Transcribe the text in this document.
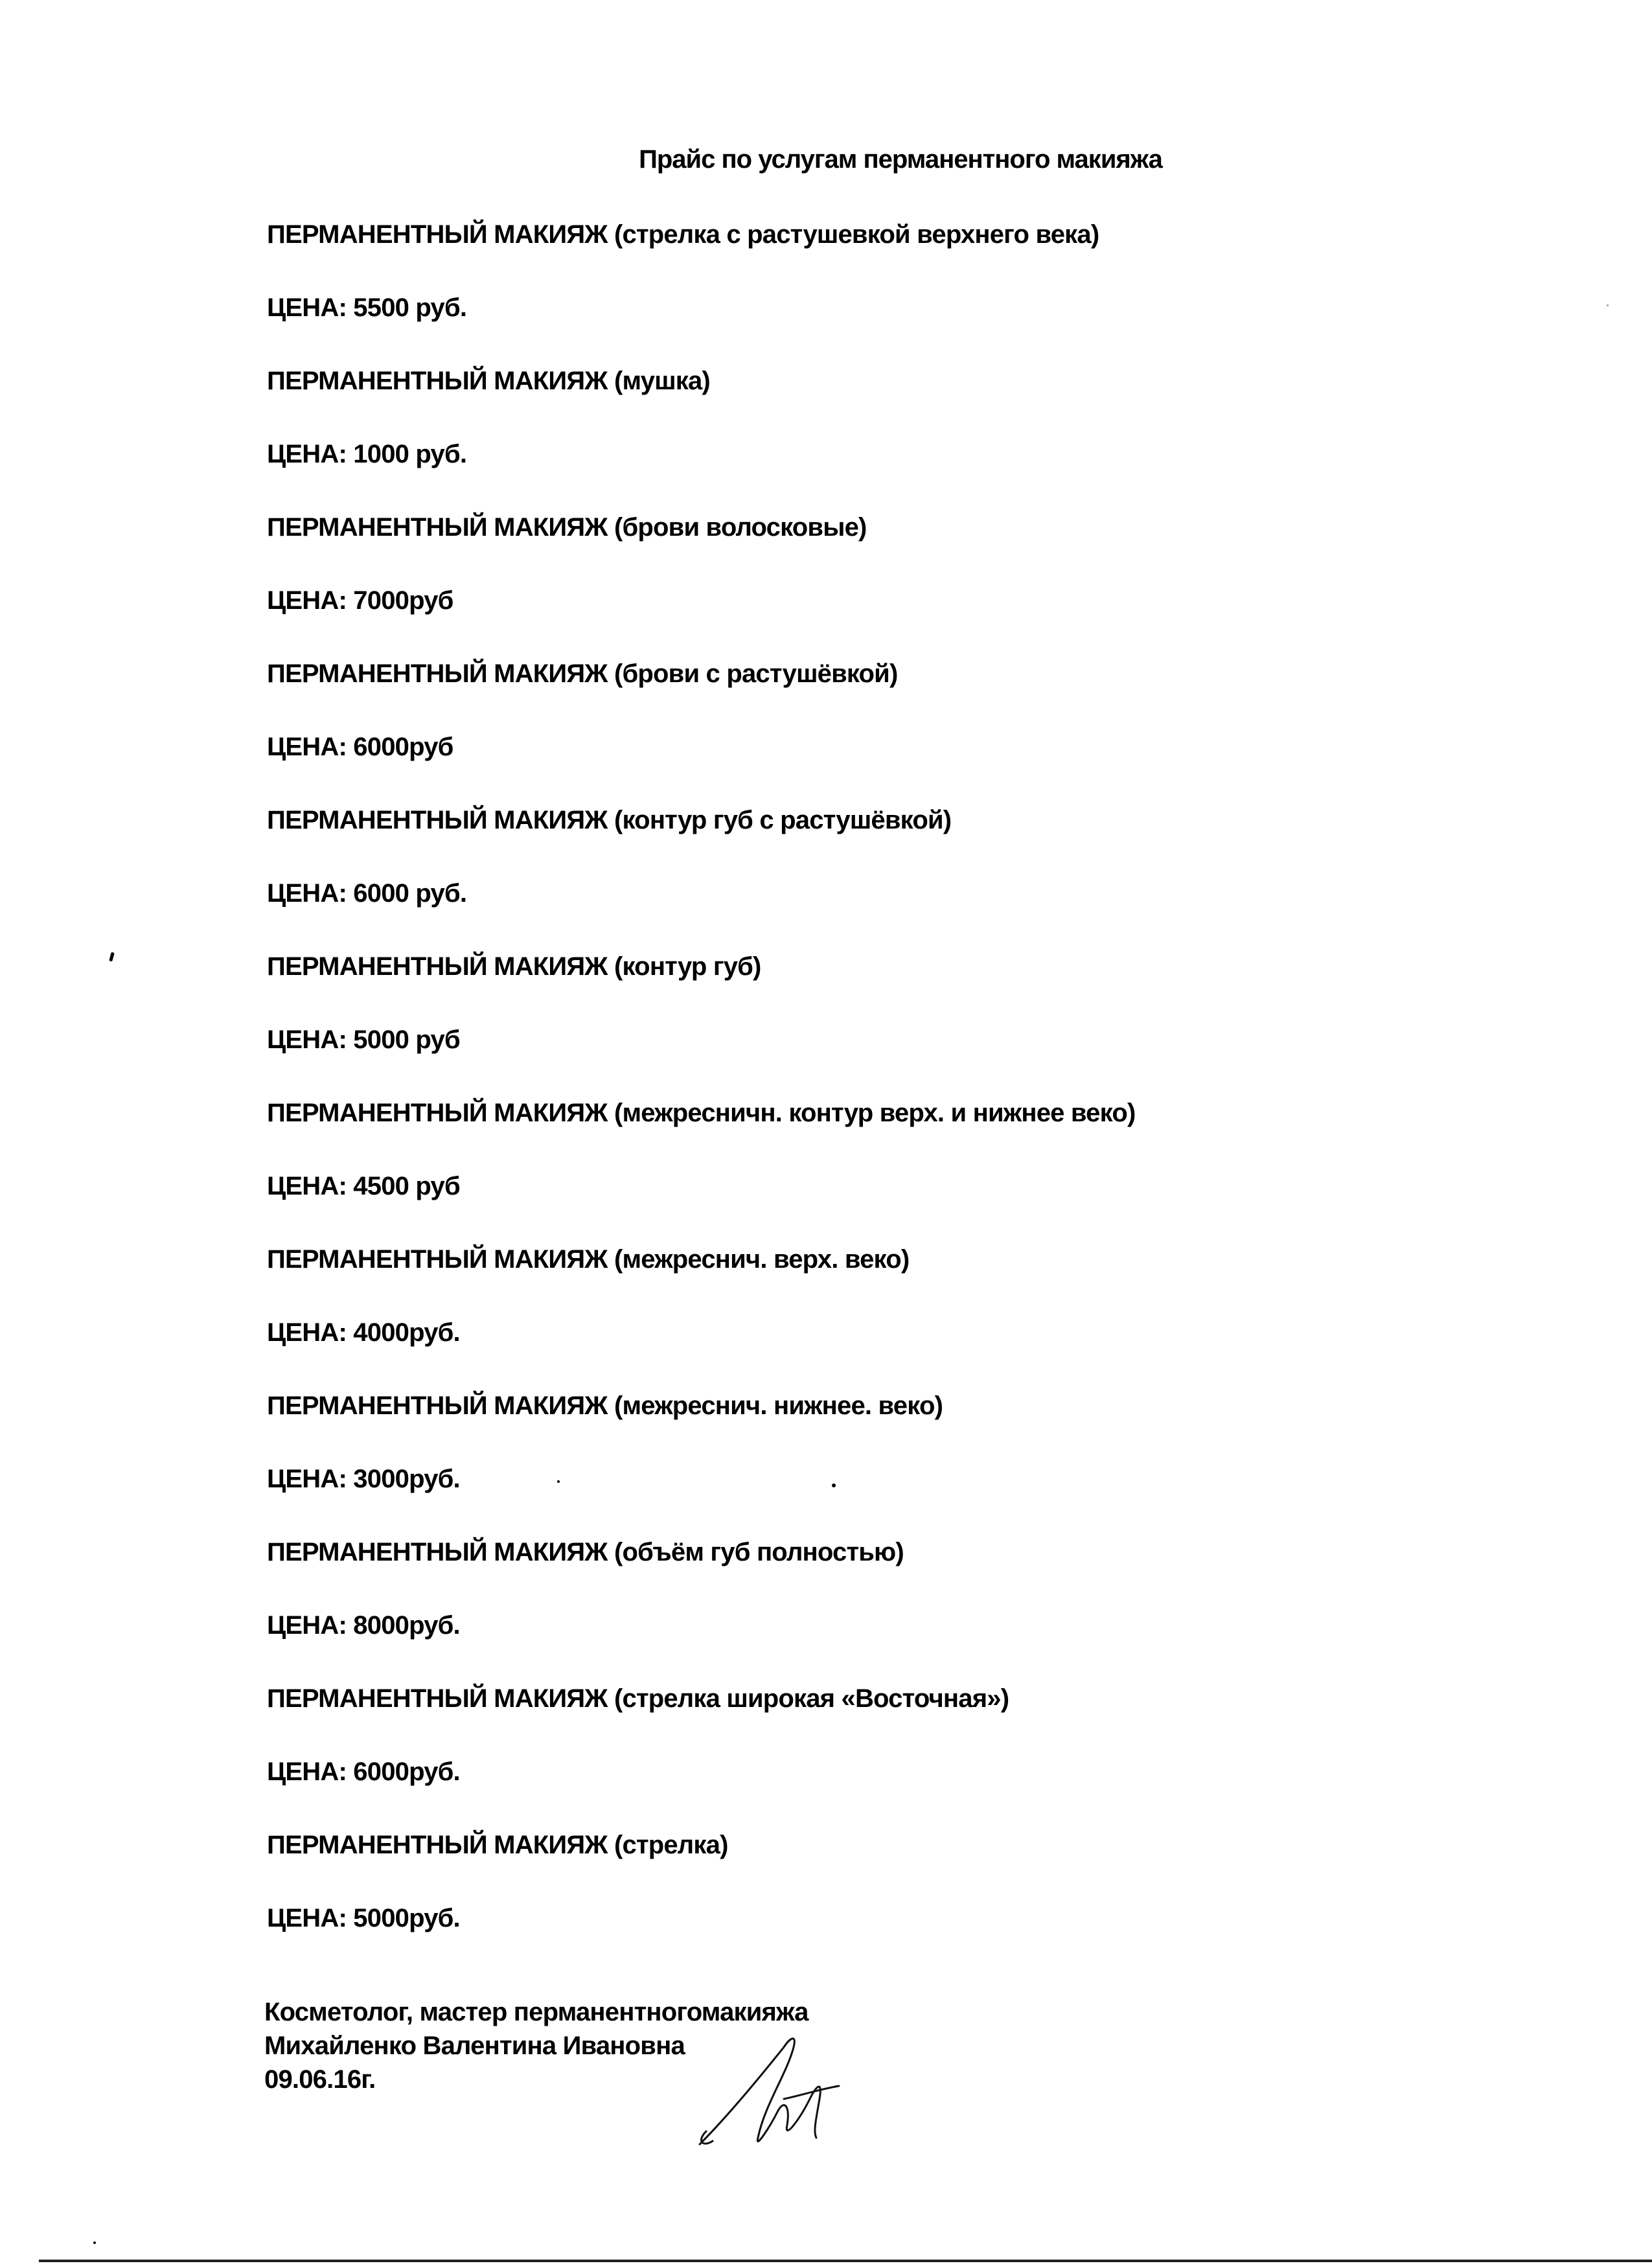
Прайс по услугам перманентного макияжа
ПЕРМАНЕНТНЫЙ МАКИЯЖ (стрелка с растушевкой верхнего века)
ЦЕНА: 5500 руб.
ПЕРМАНЕНТНЫЙ МАКИЯЖ (мушка)
ЦЕНА: 1000 руб.
ПЕРМАНЕНТНЫЙ МАКИЯЖ (брови волосковые)
ЦЕНА: 7000руб
ПЕРМАНЕНТНЫЙ МАКИЯЖ (брови с растушёвкой)
ЦЕНА: 6000руб
ПЕРМАНЕНТНЫЙ МАКИЯЖ (контур губ с растушёвкой)
ЦЕНА: 6000 руб.
ПЕРМАНЕНТНЫЙ МАКИЯЖ (контур губ)
ЦЕНА: 5000 руб
ПЕРМАНЕНТНЫЙ МАКИЯЖ (межресничн. контур верх. и нижнее веко)
ЦЕНА: 4500 руб
ПЕРМАНЕНТНЫЙ МАКИЯЖ (межреснич. верх. веко)
ЦЕНА: 4000руб.
ПЕРМАНЕНТНЫЙ МАКИЯЖ (межреснич. нижнее. веко)
ЦЕНА: 3000руб.
ПЕРМАНЕНТНЫЙ МАКИЯЖ (объём губ полностью)
ЦЕНА: 8000руб.
ПЕРМАНЕНТНЫЙ МАКИЯЖ (стрелка широкая «Восточная»)
ЦЕНА: 6000руб.
ПЕРМАНЕНТНЫЙ МАКИЯЖ (стрелка)
ЦЕНА: 5000руб.
Косметолог, мастер перманентногомакияжа
Михайленко Валентина Ивановна
09.06.16г.
